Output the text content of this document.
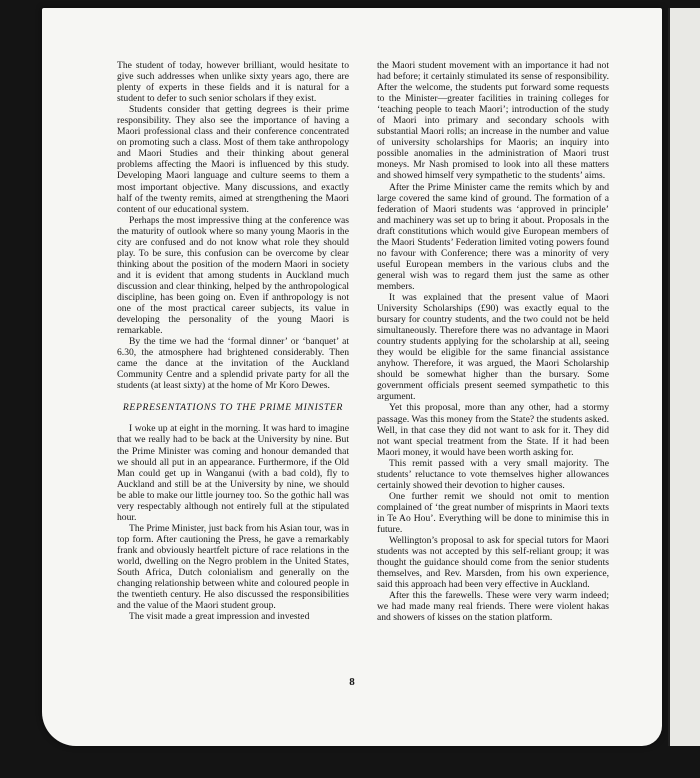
The student of today, however brilliant, would hesitate to give such addresses when unlike sixty years ago, there are plenty of experts in these fields and it is natural for a student to defer to such senior scholars if they exist.

Students consider that getting degrees is their prime responsibility. They also see the importance of having a Maori professional class and their conference concentrated on promoting such a class. Most of them take anthropology and Maori Studies and their thinking about general problems affecting the Maori is influenced by this study. Developing Maori language and culture seems to them a most important objective. Many discussions, and exactly half of the twenty remits, aimed at strengthening the Maori content of our educational system.

Perhaps the most impressive thing at the conference was the maturity of outlook where so many young Maoris in the city are confused and do not know what role they should play. To be sure, this confusion can be overcome by clear thinking about the position of the modern Maori in society and it is evident that among students in Auckland much discussion and clear thinking, helped by the anthropological discipline, has been going on. Even if anthropology is not one of the most practical career subjects, its value in developing the personality of the young Maori is remarkable.

By the time we had the ‘formal dinner’ or ‘banquet’ at 6.30, the atmosphere had brightened considerably. Then came the dance at the invitation of the Auckland Community Centre and a splendid private party for all the students (at least sixty) at the home of Mr Koro Dewes.

REPRESENTATIONS TO THE PRIME MINISTER

I woke up at eight in the morning. It was hard to imagine that we really had to be back at the University by nine. But the Prime Minister was coming and honour demanded that we should all put in an appearance. Furthermore, if the Old Man could get up in Wanganui (with a bad cold), fly to Auckland and still be at the University by nine, we should be able to make our little journey too. So the gothic hall was very respectably although not entirely full at the stipulated hour.

The Prime Minister, just back from his Asian tour, was in top form. After cautioning the Press, he gave a remarkably frank and obviously heartfelt picture of race relations in the world, dwelling on the Negro problem in the United States, South Africa, Dutch colonialism and generally on the changing relationship between white and coloured people in the twentieth century. He also discussed the responsibilities and the value of the Maori student group.

The visit made a great impression and invested

the Maori student movement with an importance it had not had before; it certainly stimulated its sense of responsibility. After the welcome, the students put forward some requests to the Minister—greater facilities in training colleges for ‘teaching people to teach Maori’; introduction of the study of Maori into primary and secondary schools with substantial Maori rolls; an increase in the number and value of university scholarships for Maoris; an inquiry into possible anomalies in the administration of Maori trust moneys. Mr Nash promised to look into all these matters and showed himself very sympathetic to the students’ aims.

After the Prime Minister came the remits which by and large covered the same kind of ground. The formation of a federation of Maori students was ‘approved in principle’ and machinery was set up to bring it about. Proposals in the draft constitutions which would give European members of the Maori Students’ Federation limited voting powers found no favour with Conference; there was a minority of very useful European members in the various clubs and the general wish was to regard them just the same as other members.

It was explained that the present value of Maori University Scholarships (£90) was exactly equal to the bursary for country students, and the two could not be held simultaneously. Therefore there was no advantage in Maori country students applying for the scholarship at all, seeing they would be eligible for the same financial assistance anyhow. Therefore, it was argued, the Maori Scholarship should be somewhat higher than the bursary. Some government officials present seemed sympathetic to this argument.

Yet this proposal, more than any other, had a stormy passage. Was this money from the State? the students asked. Well, in that case they did not want to ask for it. They did not want special treatment from the State. If it had been Maori money, it would have been worth asking for.

This remit passed with a very small majority. The students’ reluctance to vote themselves higher allowances certainly showed their devotion to higher causes.

One further remit we should not omit to mention complained of ‘the great number of misprints in Maori texts in Te Ao Hou’. Everything will be done to minimise this in future.

Wellington’s proposal to ask for special tutors for Maori students was not accepted by this self-reliant group; it was thought the guidance should come from the senior students themselves, and Rev. Marsden, from his own experience, said this approach had been very effective in Auckland.

After this the farewells. These were very warm indeed; we had made many real friends. There were violent hakas and showers of kisses on the station platform.

8
